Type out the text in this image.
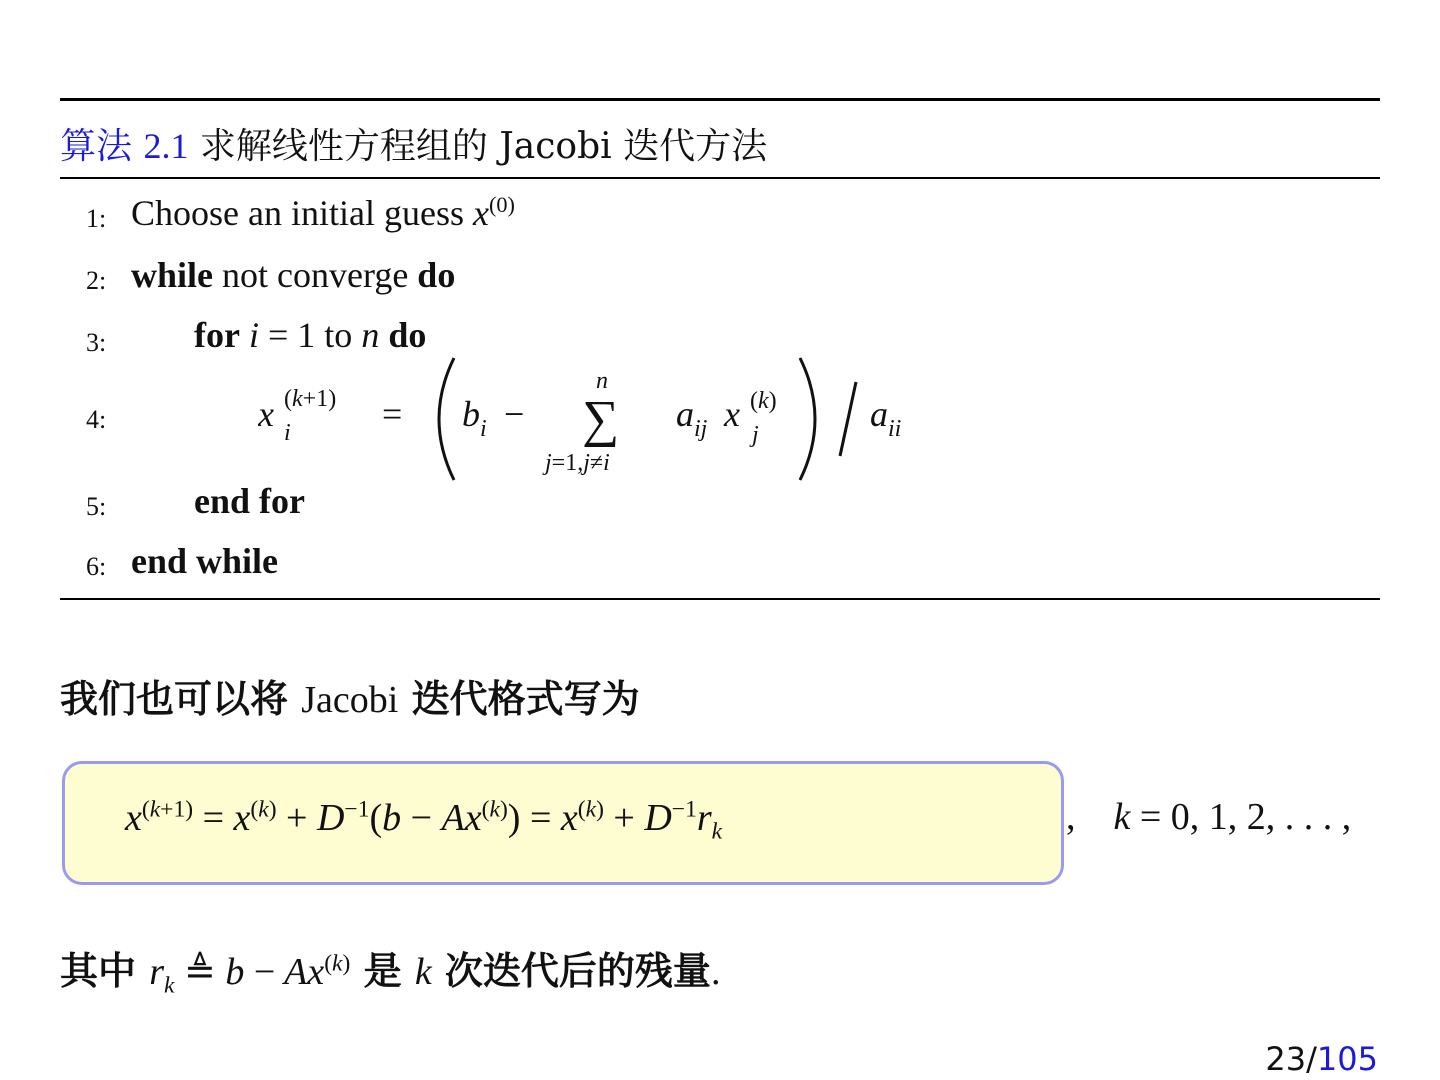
算法 2.1 求解线性方程组的 Jacobi 迭代方法
1: Choose an initial guess $x^{(0)}$
2: while not converge do
3: for i = 1 to n do
4:	x (k+1)
i	= b i −
n
∑
j=1,j≠i
a ij x (k)
j
a ii
5: end for
6: end while
我们也可以将 Jacobi 迭代格式写为
$x^{(k+1)} = x^{(k)} + D^{-1}(b - Ax^{(k)}) = x^{(k)} + D^{-1}r_k$	,    k = 0, 1, 2, . . . ,
其中 $r_k$ ≜ $b - Ax^{(k)}$ 是 k 次迭代后的残量.
23/105
